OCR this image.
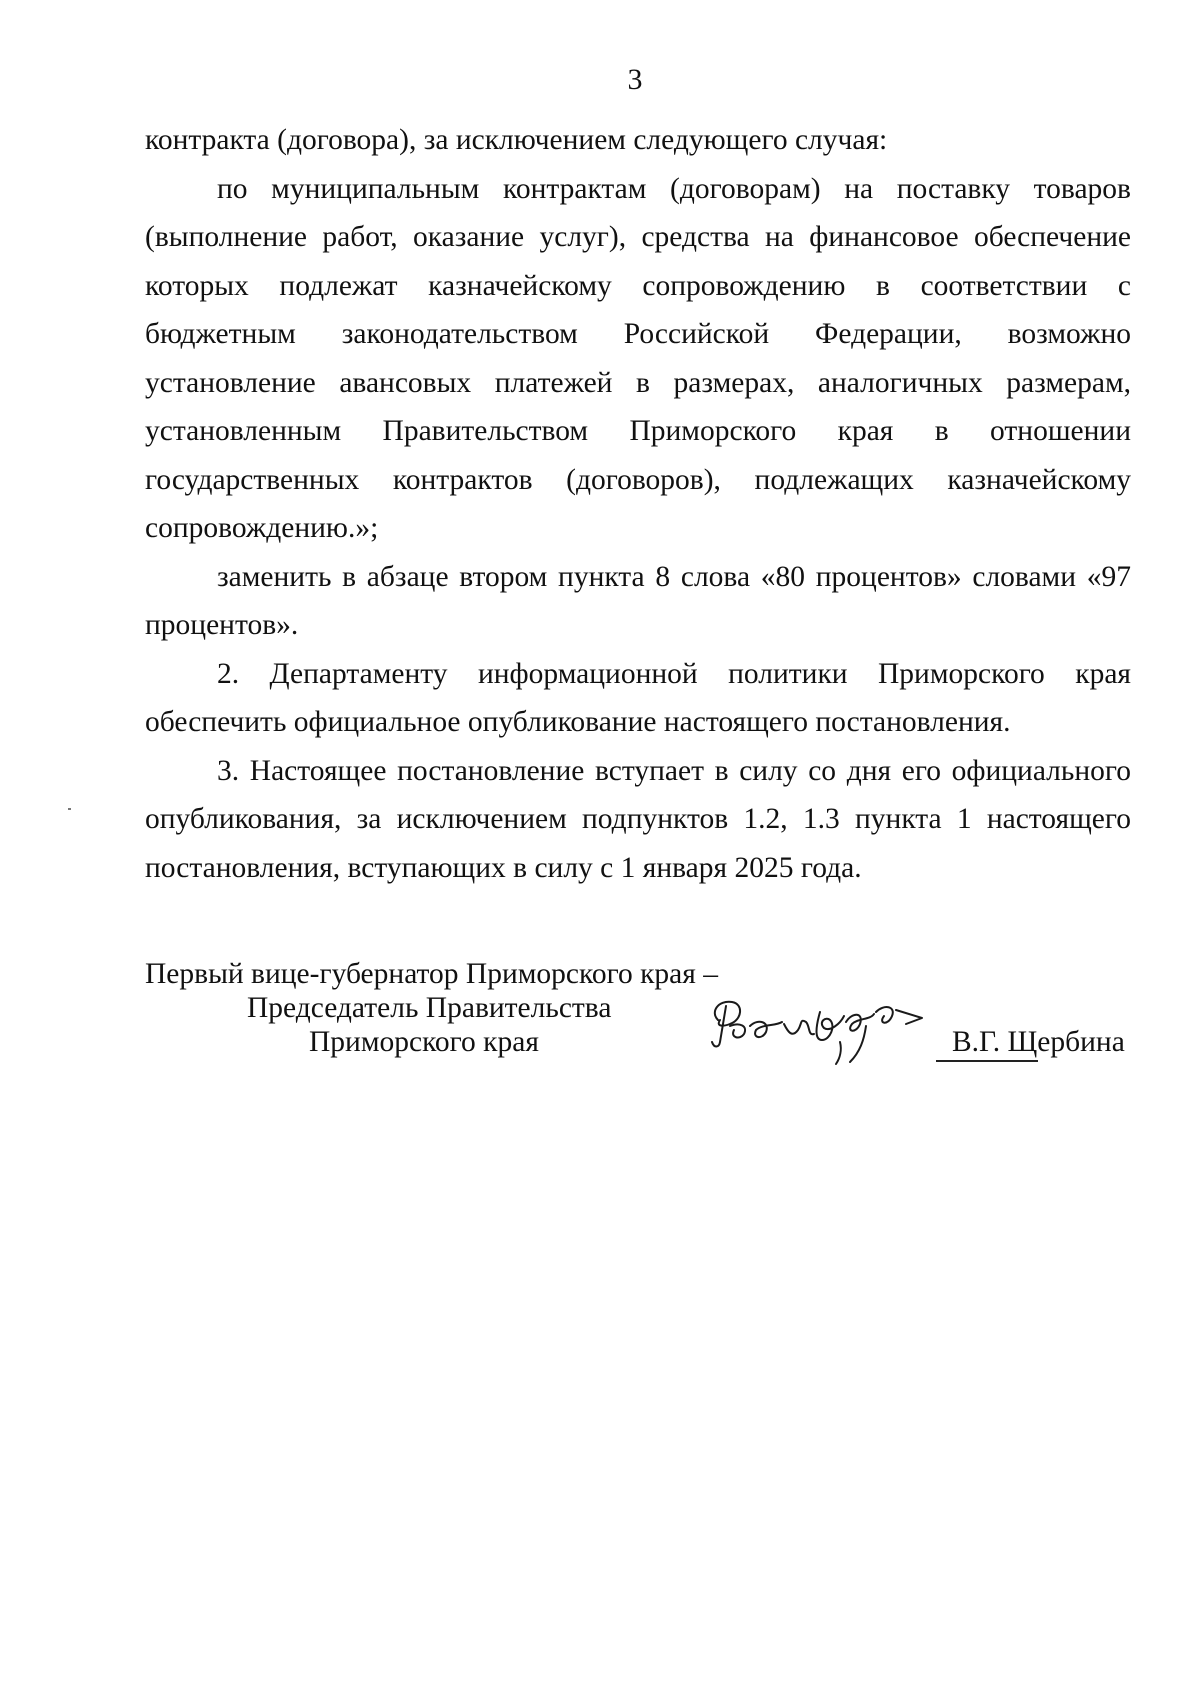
3

контракта (договора), за исключением следующего случая:

по муниципальным контрактам (договорам) на поставку товаров (выполнение работ, оказание услуг), средства на финансовое обеспечение которых подлежат казначейскому сопровождению в соответствии с бюджетным законодательством Российской Федерации, возможно установление авансовых платежей в размерах, аналогичных размерам, установленным Правительством Приморского края в отношении государственных контрактов (договоров), подлежащих казначейскому сопровождению.»;

заменить в абзаце втором пункта 8 слова «80 процентов» словами «97 процентов».

2. Департаменту информационной политики Приморского края обеспечить официальное опубликование настоящего постановления.

3. Настоящее постановление вступает в силу со дня его официального опубликования, за исключением подпунктов 1.2, 1.3 пункта 1 настоящего постановления, вступающих в силу с 1 января 2025 года.

Первый вице-губернатор Приморского края –
Председатель Правительства
Приморского края	В.Г. Щербина
